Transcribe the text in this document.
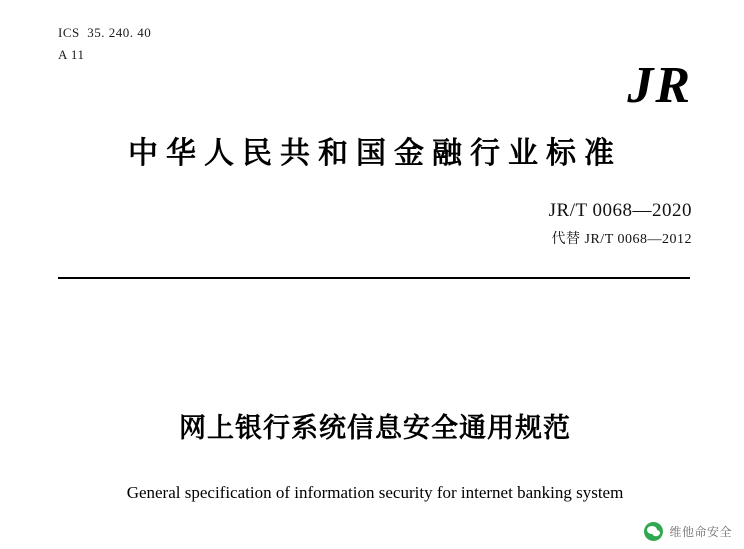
ICS  35. 240. 40
A 11
JR
中华人民共和国金融行业标准
JR/T 0068—2020
代替 JR/T 0068—2012
网上银行系统信息安全通用规范
General specification of information security for internet banking system
维他命安全
